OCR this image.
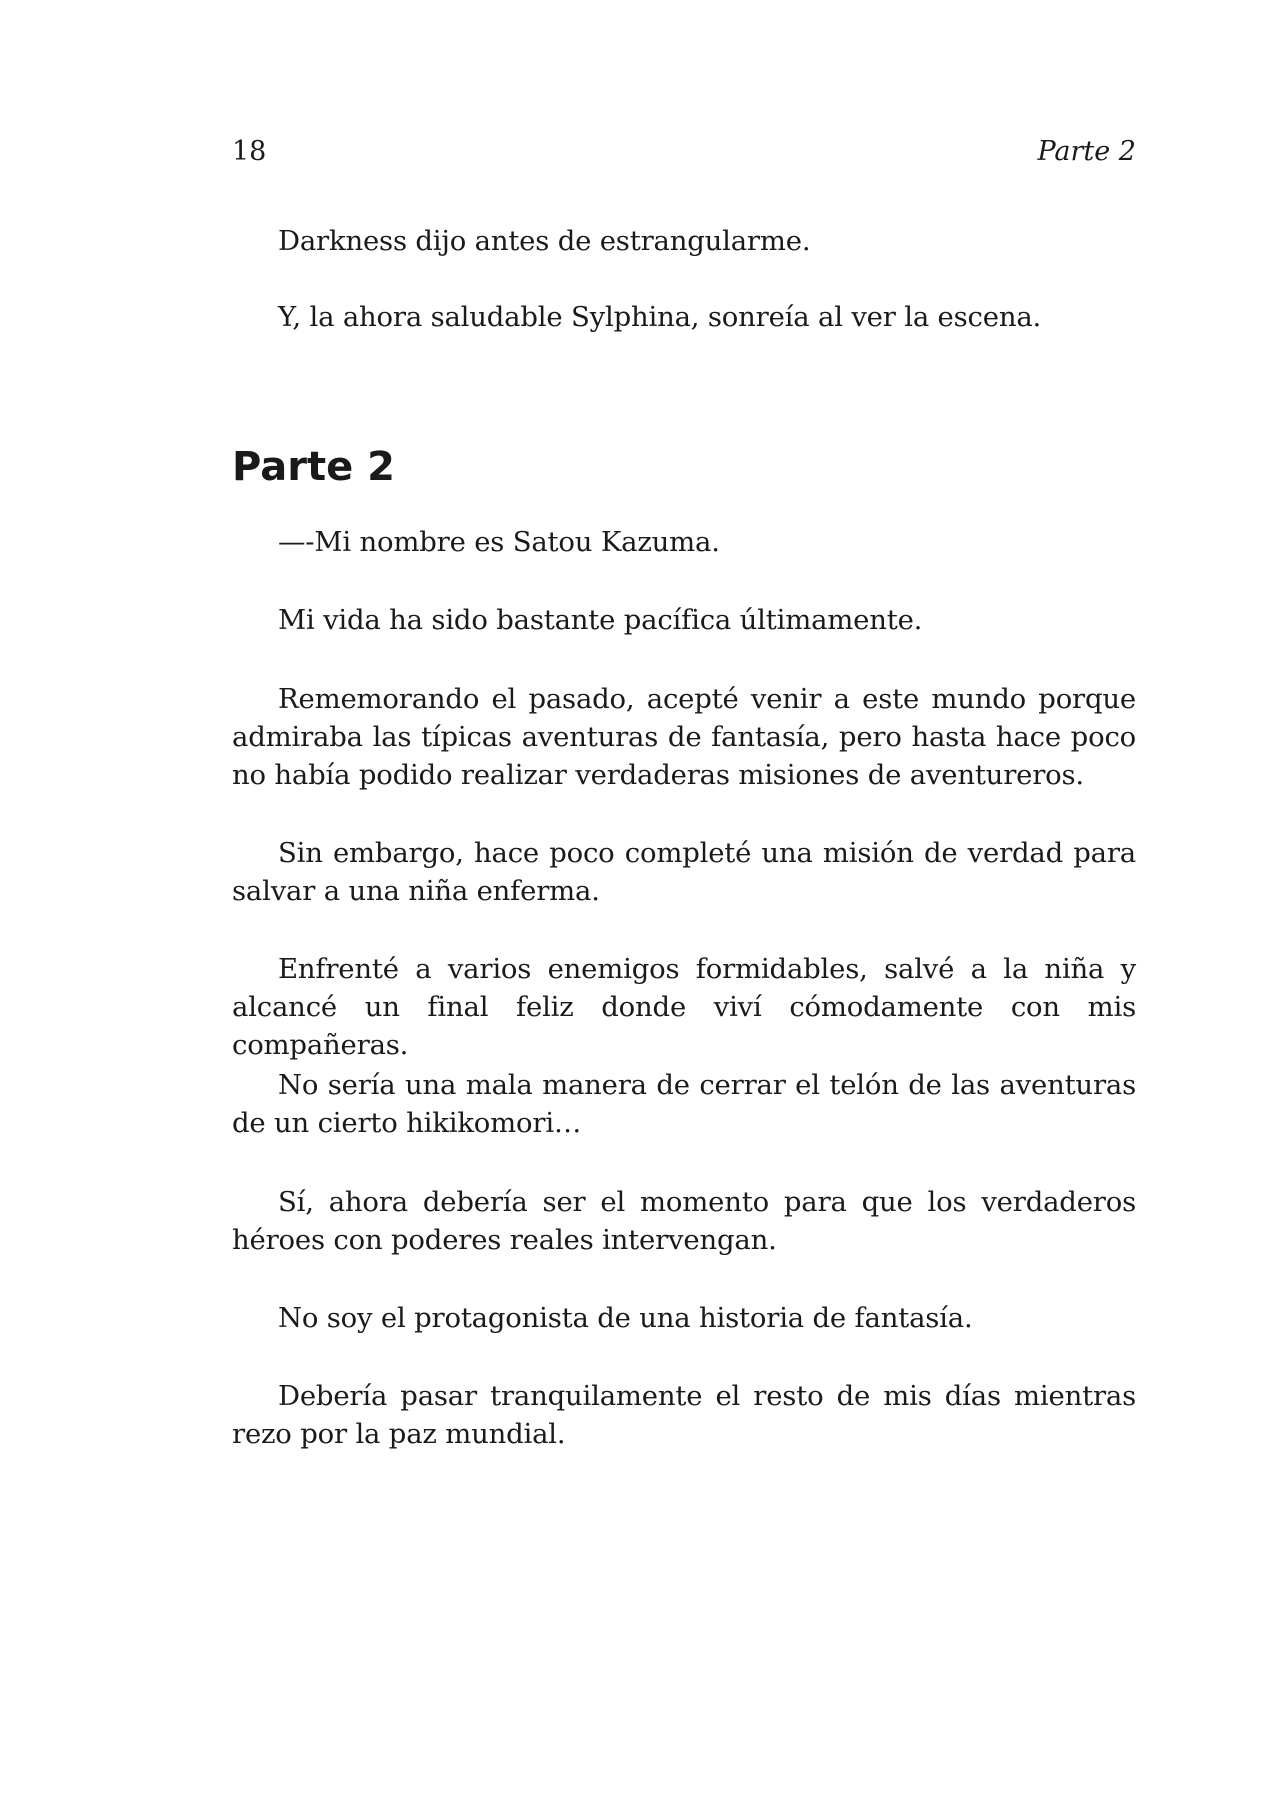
18	Parte 2

Darkness dijo antes de estrangularme.

Y, la ahora saludable Sylphina, sonreía al ver la escena.

Parte 2

—-Mi nombre es Satou Kazuma.

Mi vida ha sido bastante pacífica últimamente.

Rememorando el pasado, acepté venir a este mundo porque admiraba las típicas aventuras de fantasía, pero hasta hace poco no había podido realizar verdaderas misiones de aventureros.

Sin embargo, hace poco completé una misión de verdad para salvar a una niña enferma.

Enfrenté a varios enemigos formidables, salvé a la niña y alcancé un final feliz donde viví cómodamente con mis compañeras.

No sería una mala manera de cerrar el telón de las aventuras de un cierto hikikomori…

Sí, ahora debería ser el momento para que los verdaderos héroes con poderes reales intervengan.

No soy el protagonista de una historia de fantasía.

Debería pasar tranquilamente el resto de mis días mientras rezo por la paz mundial.
